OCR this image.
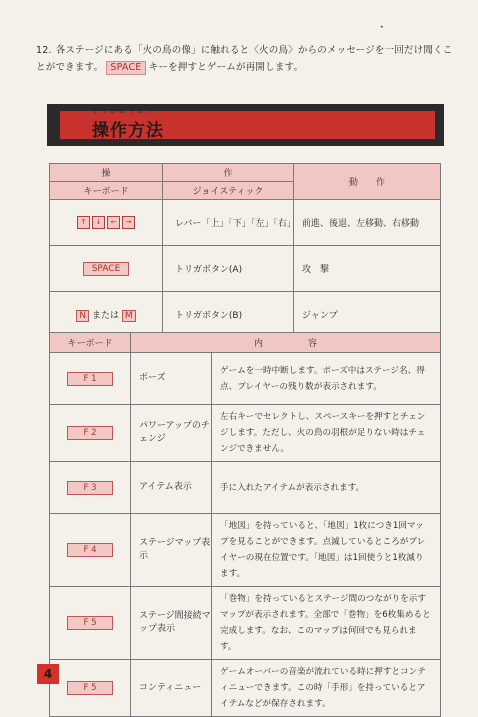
•
12. 各ステージにある「火の鳥の像」に触れると〈火の鳥〉からのメッセージを一回だけ聞くことができます。 SPACE キーを押すとゲームが再開します。
そうさほうほう
操作方法
操	作	動　　作
キーボード	ジョイスティック	
↑ ↓ ← →	レバー「上」「下」「左」「右」	前進、後退、左移動、右移動
SPACE	トリガボタン(A)	攻　撃
N または M	トリガボタン(B)	ジャンプ
キーボード	内　　　　　容	
F 1	ポーズ	ゲームを一時中断します。ポーズ中はステージ名、得点、プレイヤーの残り数が表示されます。
F 2	パワーアップのチェンジ	左右キーでセレクトし、スペースキーを押すとチェンジします。ただし、火の鳥の羽根が足りない時はチェンジできません。
F 3	アイテム表示	手に入れたアイテムが表示されます。
F 4	ステージマップ表示	「地図」を持っていると、「地図」1枚につき1回マップを見ることができます。点滅しているところがプレイヤーの現在位置です。「地図」は1回使うと1枚減ります。
F 5	ステージ間接続マップ表示	「巻物」を持っているとステージ間のつながりを示すマップが表示されます。全部で「巻物」を6枚集めると完成します。なお、このマップは何回でも見られます。
F 5	コンティニュー	ゲームオーバーの音楽が流れている時に押すとコンティニューできます。この時「手形」を持っているとアイテムなどが保存されます。
4
